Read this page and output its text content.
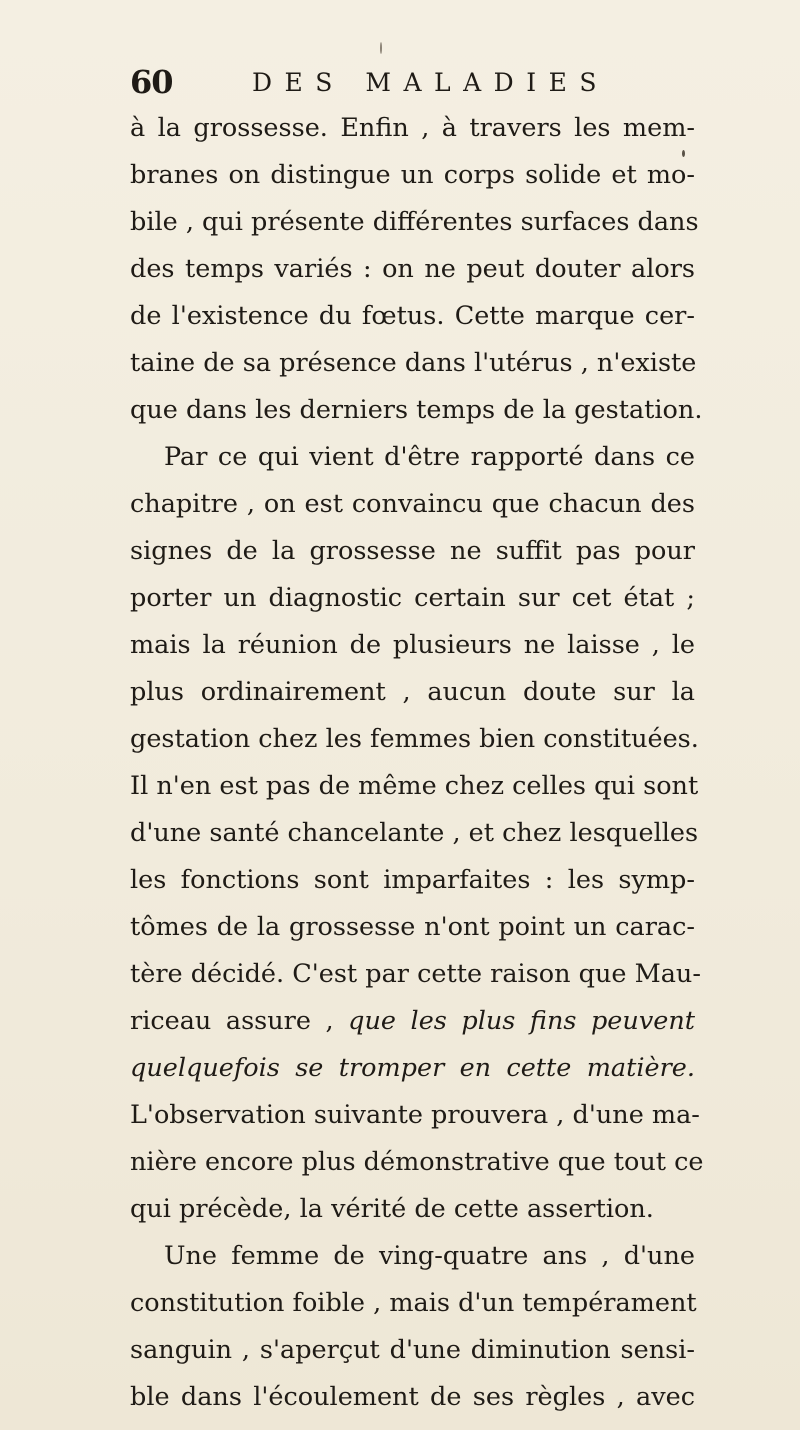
60	DES MALADIES
à la grossesse. Enfin , à travers les mem-
branes on distingue un corps solide et mo-
bile , qui présente différentes surfaces dans
des temps variés : on ne peut douter alors
de l'existence du fœtus. Cette marque cer-
taine de sa présence dans l'utérus , n'existe
que dans les derniers temps de la gestation.
Par ce qui vient d'être rapporté dans ce
chapitre , on est convaincu que chacun des
signes de la grossesse ne suffit pas pour
porter un diagnostic certain sur cet état ;
mais la réunion de plusieurs ne laisse , le
plus ordinairement , aucun doute sur la
gestation chez les femmes bien constituées.
Il n'en est pas de même chez celles qui sont
d'une santé chancelante , et chez lesquelles
les fonctions sont imparfaites : les symp-
tômes de la grossesse n'ont point un carac-
tère décidé. C'est par cette raison que Mau-
riceau assure , que les plus fins peuvent
quelquefois se tromper en cette matière.
L'observation suivante prouvera , d'une ma-
nière encore plus démonstrative que tout ce
qui précède, la vérité de cette assertion.
Une femme de ving-quatre ans , d'une
constitution foible , mais d'un tempérament
sanguin , s'aperçut d'une diminution sensi-
ble dans l'écoulement de ses règles , avec
